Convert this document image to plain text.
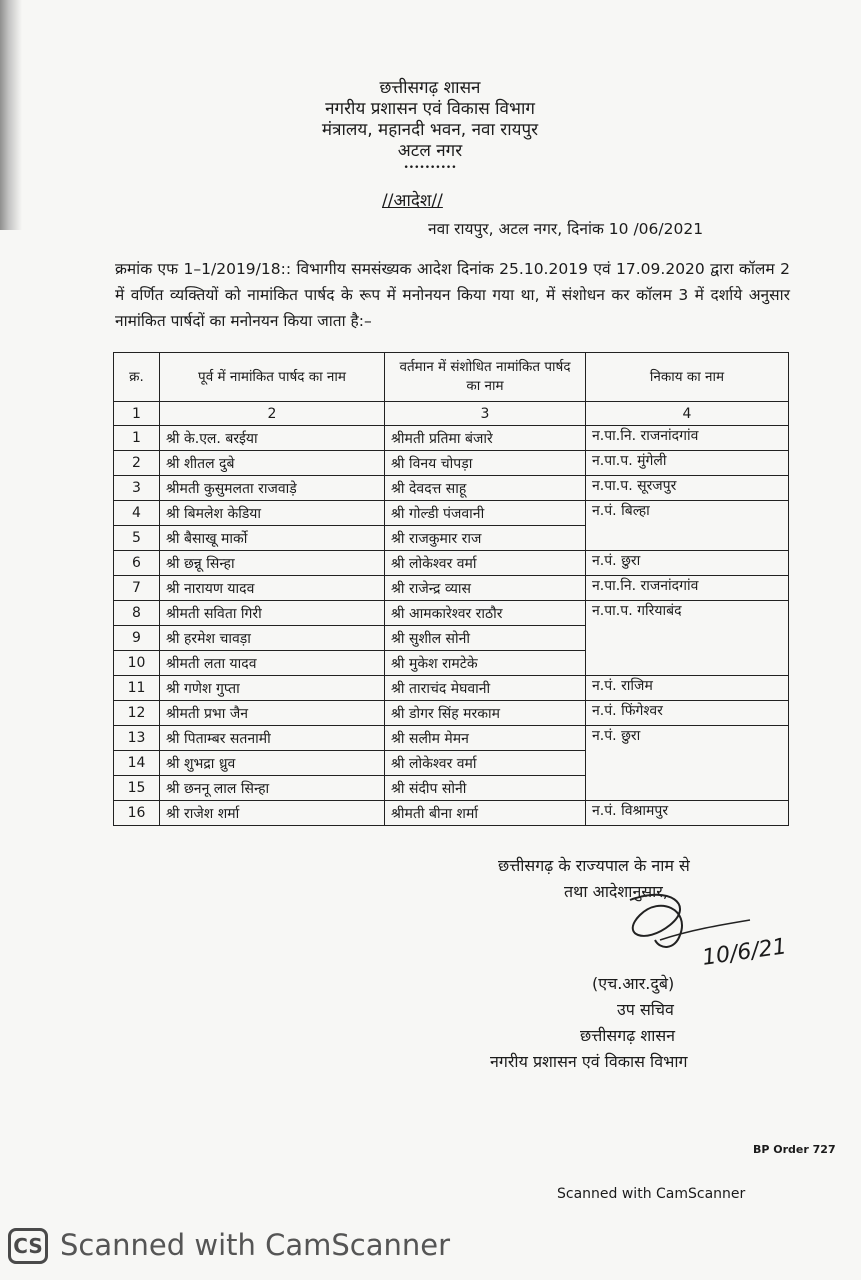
छत्तीसगढ़ शासन
नगरीय प्रशासन एवं विकास विभाग
मंत्रालय, महानदी भवन, नवा रायपुर
अटल नगर
••••••••••
//आदेश//
नवा रायपुर, अटल नगर, दिनांक 10 /06/2021
क्रमांक एफ 1–1/2019/18:: विभागीय समसंख्यक आदेश दिनांक 25.10.2019 एवं 17.09.2020 द्वारा कॉलम 2 में वर्णित व्यक्तियों को नामांकित पार्षद के रूप में मनोनयन किया गया था, में संशोधन कर कॉलम 3 में दर्शाये अनुसार नामांकित पार्षदों का मनोनयन किया जाता है:–
क्र.	पूर्व में नामांकित पार्षद का नाम	वर्तमान में संशोधित नामांकित पार्षद का नाम	निकाय का नाम
1	2	3	4
1	श्री के.एल. बरईया	श्रीमती प्रतिमा बंजारे	न.पा.नि. राजनांदगांव
2	श्री शीतल दुबे	श्री विनय चोपड़ा	न.पा.प. मुंगेली
3	श्रीमती कुसुमलता राजवाड़े	श्री देवदत्त साहू	न.पा.प. सूरजपुर
4	श्री बिमलेश केडिया	श्री गोल्डी पंजवानी	न.पं. बिल्हा
5	श्री बैसाखू मार्को	श्री राजकुमार राज	
6	श्री छन्नू सिन्हा	श्री लोकेश्वर वर्मा	न.पं. छुरा
7	श्री नारायण यादव	श्री राजेन्द्र व्यास	न.पा.नि. राजनांदगांव
8	श्रीमती सविता गिरी	श्री आमकारेश्वर राठौर	न.पा.प. गरियाबंद
9	श्री हरमेश चावड़ा	श्री सुशील सोनी	
10	श्रीमती लता यादव	श्री मुकेश रामटेके	
11	श्री गणेश गुप्ता	श्री ताराचंद मेघवानी	न.पं. राजिम
12	श्रीमती प्रभा जैन	श्री डोगर सिंह मरकाम	न.पं. फिंगेश्वर
13	श्री पिताम्बर सतनामी	श्री सलीम मेमन	न.पं. छुरा
14	श्री शुभद्रा ध्रुव	श्री लोकेश्वर वर्मा	
15	श्री छननू लाल सिन्हा	श्री संदीप सोनी	
16	श्री राजेश शर्मा	श्रीमती बीना शर्मा	न.पं. विश्रामपुर
छत्तीसगढ़ के राज्यपाल के नाम से
तथा आदेशानुसार,
(एच.आर.दुबे)
10/6/21
उप सचिव
छत्तीसगढ़ शासन
नगरीय प्रशासन एवं विकास विभाग
BP Order 727
Scanned with CamScanner
CS Scanned with CamScanner
